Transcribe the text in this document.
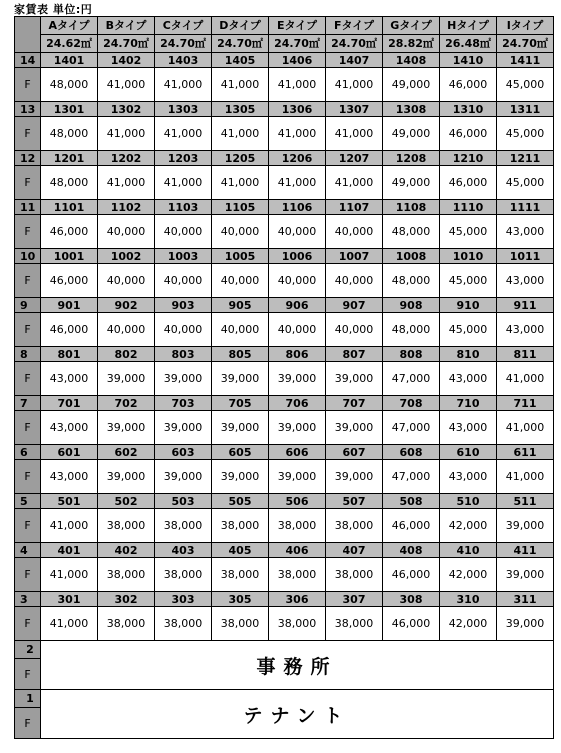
家賃表 単位:円
	Aタイプ	Bタイプ	Cタイプ	Dタイプ	Eタイプ	Fタイプ	Gタイプ	Hタイプ	Iタイプ
	24.62㎡	24.70㎡	24.70㎡	24.70㎡	24.70㎡	24.70㎡	28.82㎡	26.48㎡	24.70㎡
14	1401	1402	1403	1405	1406	1407	1408	1410	1411
F	48,000	41,000	41,000	41,000	41,000	41,000	49,000	46,000	45,000
13	1301	1302	1303	1305	1306	1307	1308	1310	1311
F	48,000	41,000	41,000	41,000	41,000	41,000	49,000	46,000	45,000
12	1201	1202	1203	1205	1206	1207	1208	1210	1211
F	48,000	41,000	41,000	41,000	41,000	41,000	49,000	46,000	45,000
11	1101	1102	1103	1105	1106	1107	1108	1110	1111
F	46,000	40,000	40,000	40,000	40,000	40,000	48,000	45,000	43,000
10	1001	1002	1003	1005	1006	1007	1008	1010	1011
F	46,000	40,000	40,000	40,000	40,000	40,000	48,000	45,000	43,000
9	901	902	903	905	906	907	908	910	911
F	46,000	40,000	40,000	40,000	40,000	40,000	48,000	45,000	43,000
8	801	802	803	805	806	807	808	810	811
F	43,000	39,000	39,000	39,000	39,000	39,000	47,000	43,000	41,000
7	701	702	703	705	706	707	708	710	711
F	43,000	39,000	39,000	39,000	39,000	39,000	47,000	43,000	41,000
6	601	602	603	605	606	607	608	610	611
F	43,000	39,000	39,000	39,000	39,000	39,000	47,000	43,000	41,000
5	501	502	503	505	506	507	508	510	511
F	41,000	38,000	38,000	38,000	38,000	38,000	46,000	42,000	39,000
4	401	402	403	405	406	407	408	410	411
F	41,000	38,000	38,000	38,000	38,000	38,000	46,000	42,000	39,000
3	301	302	303	305	306	307	308	310	311
F	41,000	38,000	38,000	38,000	38,000	38,000	46,000	42,000	39,000
2	事務所								
F									
1	テナント								
F									
